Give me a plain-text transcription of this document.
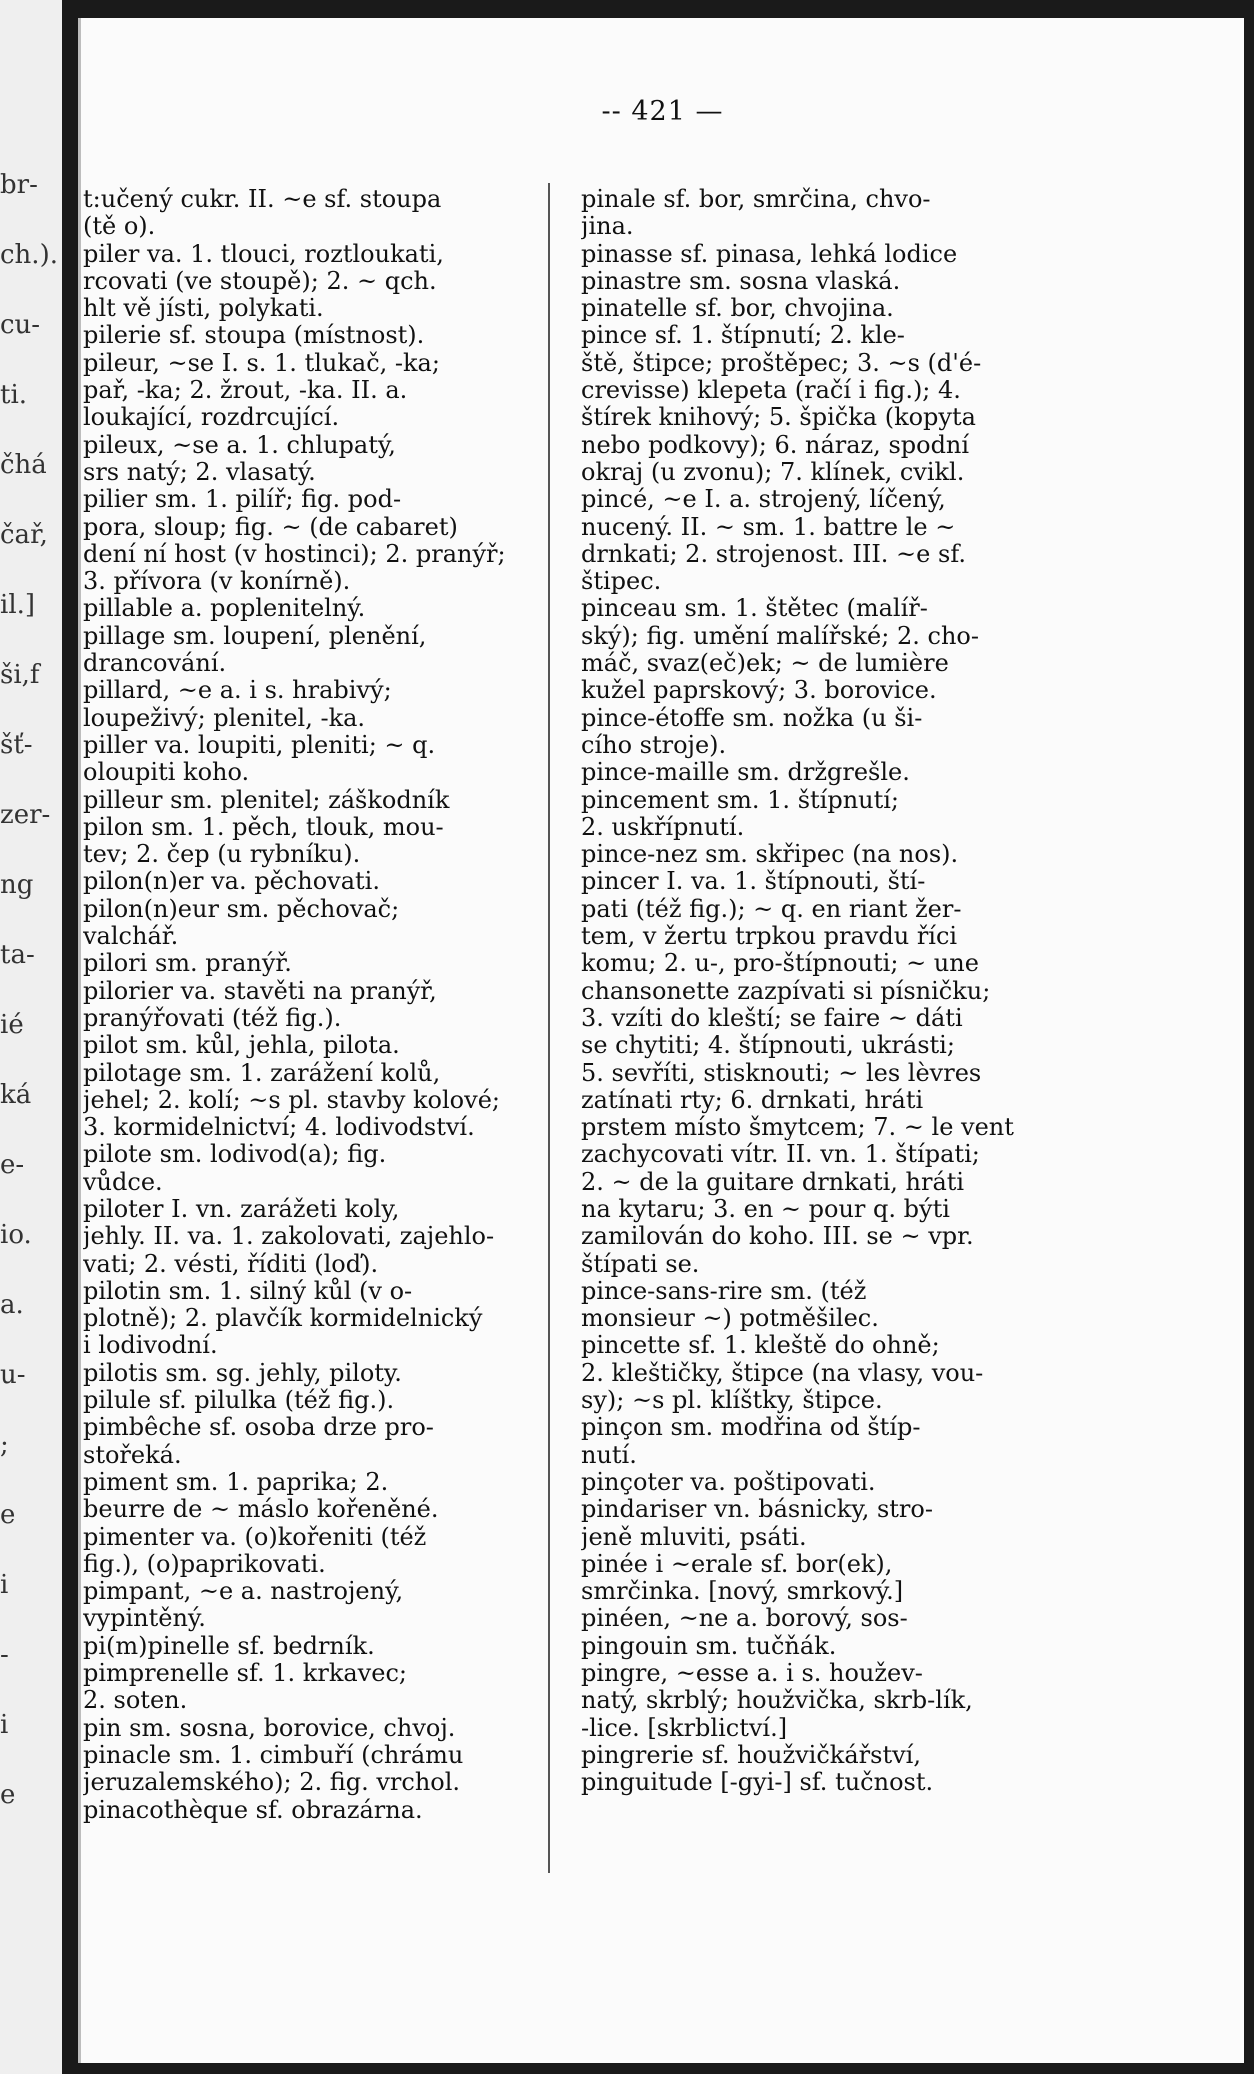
br-
ch.).
cu-
ti.
čhá
čař,
il.]
ši,f
šť-
zer-
ng
ta-
ié
ká
e-
io.
a.
u-
;
e
i
-
i
e
-- 421 —

t:učený cukr. II. ~e sf. stoupa

(tě o).

piler va. 1. tlouci, roztloukati,

rcovati (ve stoupě); 2. ~ qch.

hlt vě jísti, polykati.

pilerie sf. stoupa (místnost).

pileur, ~se I. s. 1. tlukač, -ka;

pař, -ka; 2. žrout, -ka. II. a.

loukající, rozdrcující.

pileux, ~se a. 1. chlupatý,

srs natý; 2. vlasatý.

pilier sm. 1. pilíř; fig. pod-

pora, sloup; fig. ~ (de cabaret)

dení ní host (v hostinci); 2. pranýř;

3. přívora (v konírně).

pillable a. poplenitelný.

pillage sm. loupení, plenění,

drancování.

pillard, ~e a. i s. hrabivý;

loupeživý; plenitel, -ka.

piller va. loupiti, pleniti; ~ q.

oloupiti koho.

pilleur sm. plenitel; záškodník

pilon sm. 1. pěch, tlouk, mou-

tev; 2. čep (u rybníku).

pilon(n)er va. pěchovati.

pilon(n)eur sm. pěchovač;

valchář.

pilori sm. pranýř.

pilorier va. stavěti na pranýř,

pranýřovati (též fig.).

pilot sm. kůl, jehla, pilota.

pilotage sm. 1. zarážení kolů,

jehel; 2. kolí; ~s pl. stavby kolové;

3. kormidelnictví; 4. lodivodství.

pilote sm. lodivod(a); fig.

vůdce.

piloter I. vn. zarážeti koly,

jehly. II. va. 1. zakolovati, zajehlo-

vati; 2. vésti, říditi (loď).

pilotin sm. 1. silný kůl (v o-

plotně); 2. plavčík kormidelnický

i lodivodní.

pilotis sm. sg. jehly, piloty.

pilule sf. pilulka (též fig.).

pimbêche sf. osoba drze pro-

stořeká.

piment sm. 1. paprika; 2.

beurre de ~ máslo kořeněné.

pimenter va. (o)kořeniti (též

fig.), (o)paprikovati.

pimpant, ~e a. nastrojený,

vypintěný.

pi(m)pinelle sf. bedrník.

pimprenelle sf. 1. krkavec;

2. soten.

pin sm. sosna, borovice, chvoj.

pinacle sm. 1. cimbuří (chrámu

jeruzalemského); 2. fig. vrchol.

pinacothèque sf. obrazárna.

pinale sf. bor, smrčina, chvo-

jina.

pinasse sf. pinasa, lehká lodice

pinastre sm. sosna vlaská.

pinatelle sf. bor, chvojina.

pince sf. 1. štípnutí; 2. kle-

ště, štipce; proštěpec; 3. ~s (d'é-

crevisse) klepeta (račí i fig.); 4.

štírek knihový; 5. špička (kopyta

nebo podkovy); 6. náraz, spodní

okraj (u zvonu); 7. klínek, cvikl.

pincé, ~e I. a. strojený, líčený,

nucený. II. ~ sm. 1. battre le ~

drnkati; 2. strojenost. III. ~e sf.

štipec.

pinceau sm. 1. štětec (malíř-

ský); fig. umění malířské; 2. cho-

máč, svaz(eč)ek; ~ de lumière

kužel paprskový; 3. borovice.

pince-étoffe sm. nožka (u ši-

cího stroje).

pince-maille sm. držgrešle.

pincement sm. 1. štípnutí;

2. uskřípnutí.

pince-nez sm. skřipec (na nos).

pincer I. va. 1. štípnouti, ští-

pati (též fig.); ~ q. en riant žer-

tem, v žertu trpkou pravdu říci

komu; 2. u-, pro-štípnouti; ~ une

chansonette zazpívati si písničku;

3. vzíti do kleští; se faire ~ dáti

se chytiti; 4. štípnouti, ukrásti;

5. sevříti, stisknouti; ~ les lèvres

zatínati rty; 6. drnkati, hráti

prstem místo šmytcem; 7. ~ le vent

zachycovati vítr. II. vn. 1. štípati;

2. ~ de la guitare drnkati, hráti

na kytaru; 3. en ~ pour q. býti

zamilován do koho. III. se ~ vpr.

štípati se.

pince-sans-rire sm. (též

monsieur ~) potměšilec.

pincette sf. 1. kleště do ohně;

2. kleštičky, štipce (na vlasy, vou-

sy); ~s pl. klíštky, štipce.

pinçon sm. modřina od štíp-

nutí.

pinçoter va. poštipovati.

pindariser vn. básnicky, stro-

jeně mluviti, psáti.

pinée i ~erale sf. bor(ek),

smrčinka. [nový, smrkový.]

pinéen, ~ne a. borový, sos-

pingouin sm. tučňák.

pingre, ~esse a. i s. houžev-

natý, skrblý; houžvička, skrb-lík,

-lice. [skrblictví.]

pingrerie sf. houžvičkářství,

pinguitude [-gyi-] sf. tučnost.
